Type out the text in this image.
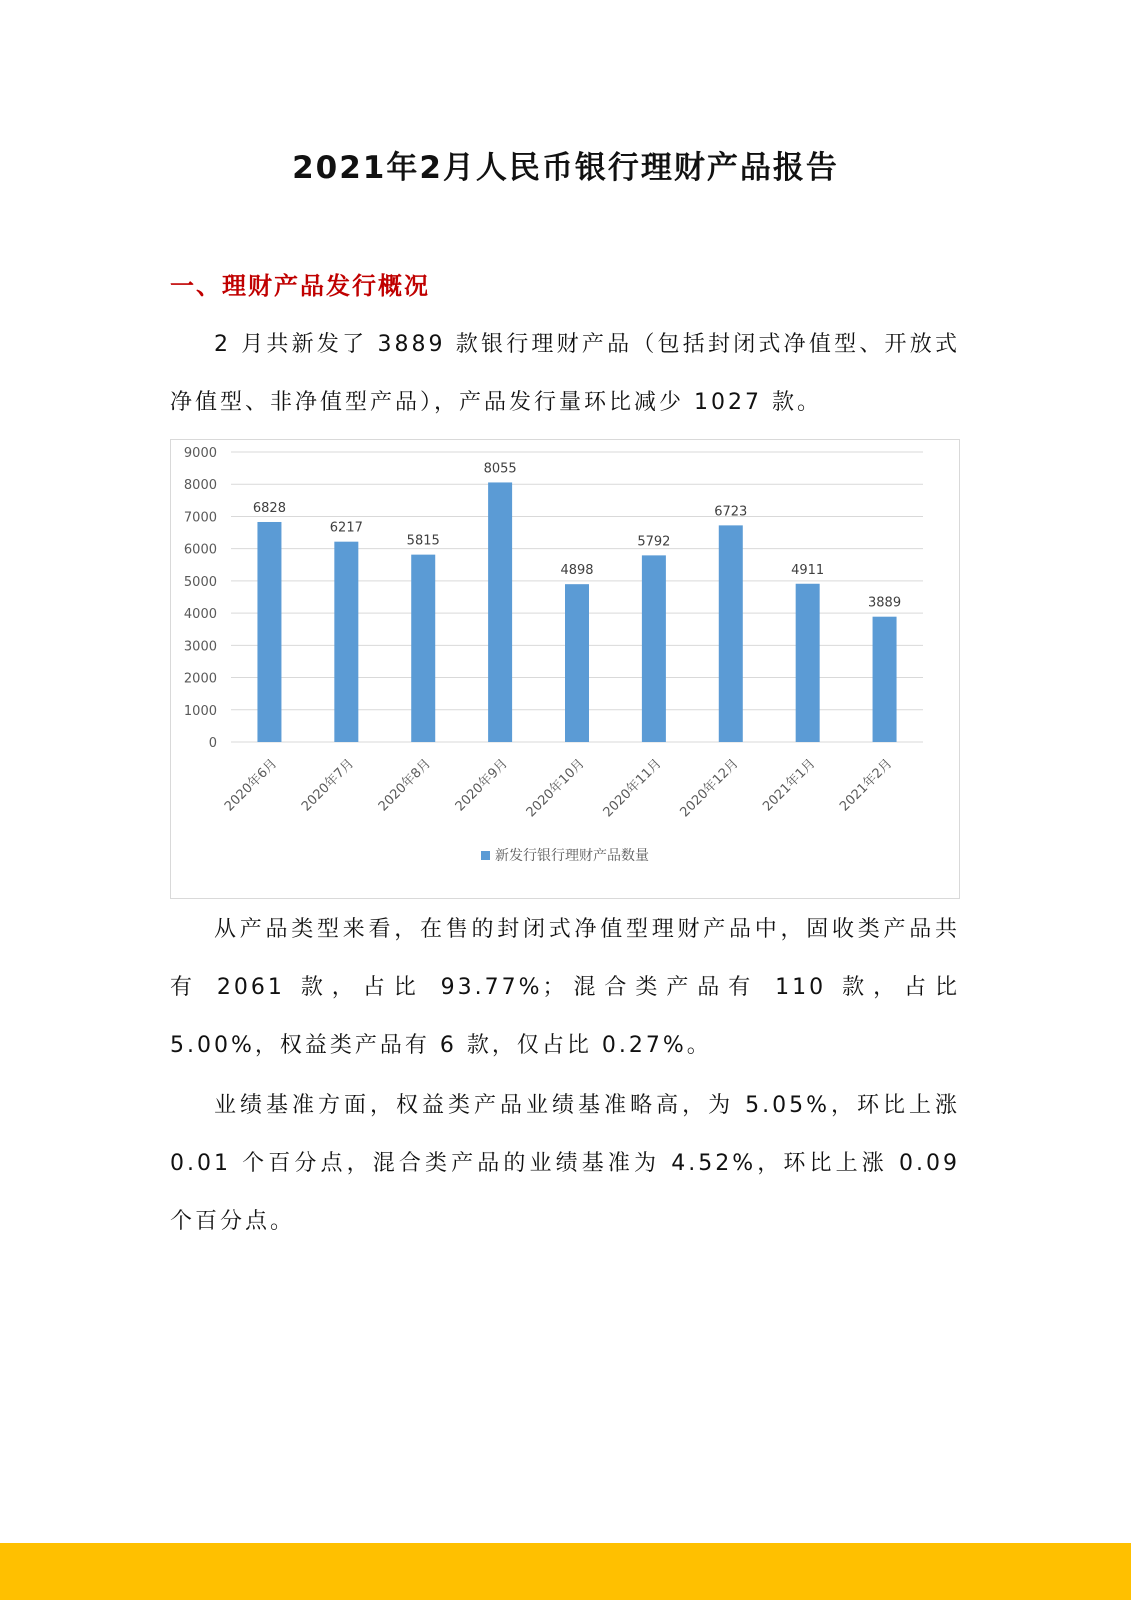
2021年2月人民币银行理财产品报告
一、理财产品发行概况

2 月共新发了 3889 款银行理财产品（包括封闭式净值型、开放式净值型、非净值型产品），产品发行量环比减少 1027 款。

0
1000
2000
3000
4000
5000
6000
7000
8000
9000
6828
2020年6月
6217
2020年7月
5815
2020年8月
8055
2020年9月
4898
2020年10月
5792
2020年11月
6723
2020年12月
4911
2021年1月
3889
2021年2月
新发行银行理财产品数量

从产品类型来看，在售的封闭式净值型理财产品中，固收类产品共有 2061 款，占比 93.77%；混合类产品有 110 款，占比 5.00%，权益类产品有 6 款，仅占比 0.27%。

业绩基准方面，权益类产品业绩基准略高，为 5.05%，环比上涨 0.01 个百分点，混合类产品的业绩基准为 4.52%，环比上涨 0.09 个百分点。
